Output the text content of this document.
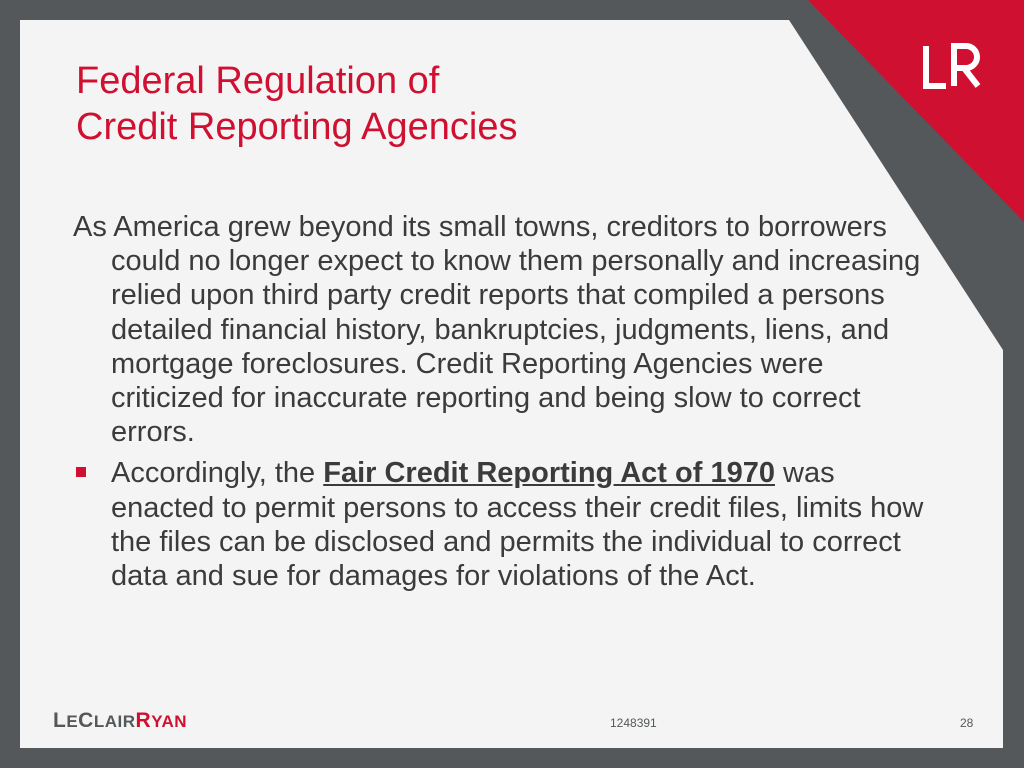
Federal Regulation of
Credit Reporting Agencies

As America grew beyond its small towns, creditors to borrowers could no longer expect to know them personally and increasing relied upon third party credit reports that compiled a persons detailed financial history, bankruptcies, judgments, liens, and mortgage foreclosures. Credit Reporting Agencies were criticized for inaccurate reporting and being slow to correct errors.

Accordingly, the Fair Credit Reporting Act of 1970 was enacted to permit persons to access their credit files, limits how the files can be disclosed and permits the individual to correct data and sue for damages for violations of the Act.
LECLAIRRYAN	1248391	28
